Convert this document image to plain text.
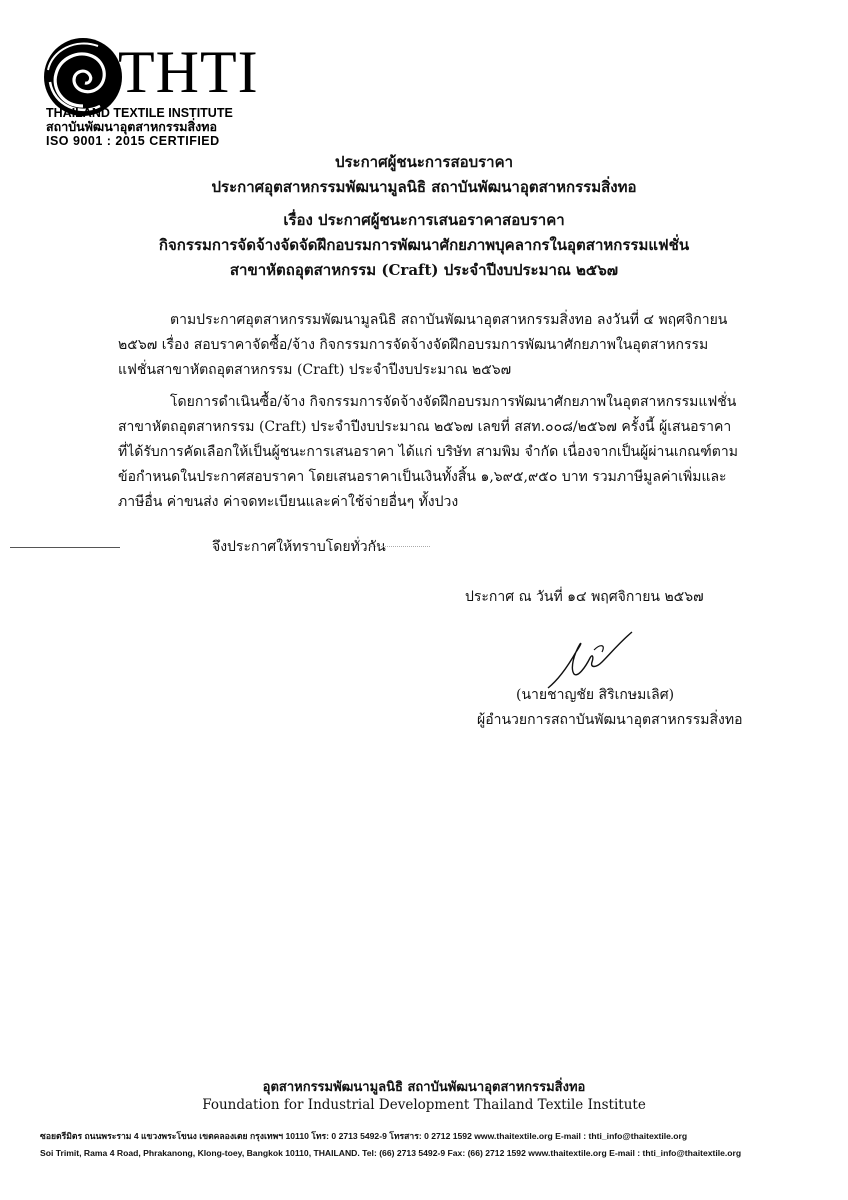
THTI
THAILAND TEXTILE INSTITUTE
สถาบันพัฒนาอุตสาหกรรมสิ่งทอ
ISO 9001 : 2015 CERTIFIED
ประกาศผู้ชนะการสอบราคา
ประกาศอุตสาหกรรมพัฒนามูลนิธิ สถาบันพัฒนาอุตสาหกรรมสิ่งทอ
เรื่อง ประกาศผู้ชนะการเสนอราคาสอบราคา
กิจกรรมการจัดจ้างจัดจัดฝึกอบรมการพัฒนาศักยภาพบุคลากรในอุตสาหกรรมแฟชั่น
สาขาหัตถอุตสาหกรรม (Craft) ประจำปีงบประมาณ ๒๕๖๗
ตามประกาศอุตสาหกรรมพัฒนามูลนิธิ สถาบันพัฒนาอุตสาหกรรมสิ่งทอ ลงวันที่ ๔ พฤศจิกายน
๒๕๖๗ เรื่อง สอบราคาจัดซื้อ/จ้าง กิจกรรมการจัดจ้างจัดฝึกอบรมการพัฒนาศักยภาพในอุตสาหกรรม
แฟชั่นสาขาหัตถอุตสาหกรรม (Craft) ประจำปีงบประมาณ ๒๕๖๗
โดยการดำเนินซื้อ/จ้าง กิจกรรมการจัดจ้างจัดฝึกอบรมการพัฒนาศักยภาพในอุตสาหกรรมแฟชั่น
สาขาหัตถอุตสาหกรรม (Craft) ประจำปีงบประมาณ ๒๕๖๗ เลขที่ สสท.๐๐๘/๒๕๖๗ ครั้งนี้ ผู้เสนอราคา
ที่ได้รับการคัดเลือกให้เป็นผู้ชนะการเสนอราคา ได้แก่ บริษัท สามพิม จำกัด เนื่องจากเป็นผู้ผ่านเกณฑ์ตาม
ข้อกำหนดในประกาศสอบราคา โดยเสนอราคาเป็นเงินทั้งสิ้น ๑,๖๙๕,๙๕๐ บาท รวมภาษีมูลค่าเพิ่มและ
ภาษีอื่น ค่าขนส่ง ค่าจดทะเบียนและค่าใช้จ่ายอื่นๆ ทั้งปวง
จึงประกาศให้ทราบโดยทั่วกัน
ประกาศ ณ วันที่ ๑๔ พฤศจิกายน ๒๕๖๗
(นายชาญชัย สิริเกษมเลิศ)
ผู้อำนวยการสถาบันพัฒนาอุตสาหกรรมสิ่งทอ
อุตสาหกรรมพัฒนามูลนิธิ สถาบันพัฒนาอุตสาหกรรมสิ่งทอ
Foundation for Industrial Development Thailand Textile Institute
ซอยตรีมิตร ถนนพระราม 4 แขวงพระโขนง เขตคลองเตย กรุงเทพฯ 10110 โทร: 0 2713 5492-9 โทรสาร: 0 2712 1592 www.thaitextile.org E-mail : thti_info@thaitextile.org
Soi Trimit, Rama 4 Road, Phrakanong, Klong-toey, Bangkok 10110, THAILAND. Tel: (66) 2713 5492-9 Fax: (66) 2712 1592 www.thaitextile.org E-mail : thti_info@thaitextile.org
